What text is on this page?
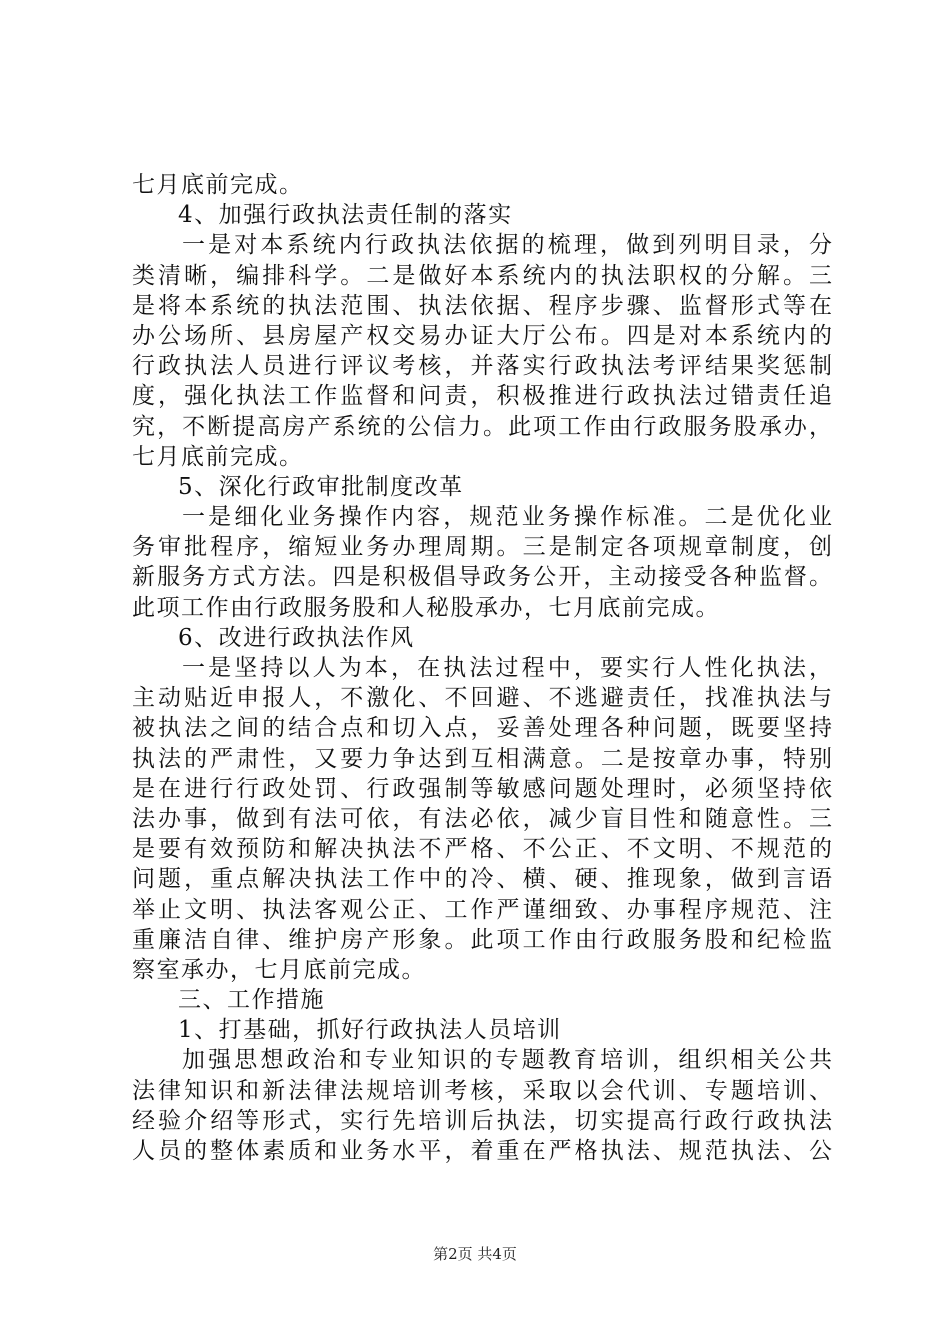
七月底前完成。
4、加强行政执法责任制的落实
一是对本系统内行政执法依据的梳理，做到列明目录，分
类清晰，编排科学。二是做好本系统内的执法职权的分解。三
是将本系统的执法范围、执法依据、程序步骤、监督形式等在
办公场所、县房屋产权交易办证大厅公布。四是对本系统内的
行政执法人员进行评议考核，并落实行政执法考评结果奖惩制
度，强化执法工作监督和问责，积极推进行政执法过错责任追
究，不断提高房产系统的公信力。此项工作由行政服务股承办，
七月底前完成。
5、深化行政审批制度改革
一是细化业务操作内容，规范业务操作标准。二是优化业
务审批程序，缩短业务办理周期。三是制定各项规章制度，创
新服务方式方法。四是积极倡导政务公开，主动接受各种监督。
此项工作由行政服务股和人秘股承办，七月底前完成。
6、改进行政执法作风
一是坚持以人为本，在执法过程中，要实行人性化执法，
主动贴近申报人，不激化、不回避、不逃避责任，找准执法与
被执法之间的结合点和切入点，妥善处理各种问题，既要坚持
执法的严肃性，又要力争达到互相满意。二是按章办事，特别
是在进行行政处罚、行政强制等敏感问题处理时，必须坚持依
法办事，做到有法可依，有法必依，减少盲目性和随意性。三
是要有效预防和解决执法不严格、不公正、不文明、不规范的
问题，重点解决执法工作中的冷、横、硬、推现象，做到言语
举止文明、执法客观公正、工作严谨细致、办事程序规范、注
重廉洁自律、维护房产形象。此项工作由行政服务股和纪检监
察室承办，七月底前完成。
三、工作措施
1、打基础，抓好行政执法人员培训
加强思想政治和专业知识的专题教育培训，组织相关公共
法律知识和新法律法规培训考核，采取以会代训、专题培训、
经验介绍等形式，实行先培训后执法，切实提高行政行政执法
人员的整体素质和业务水平，着重在严格执法、规范执法、公
第2页 共4页
